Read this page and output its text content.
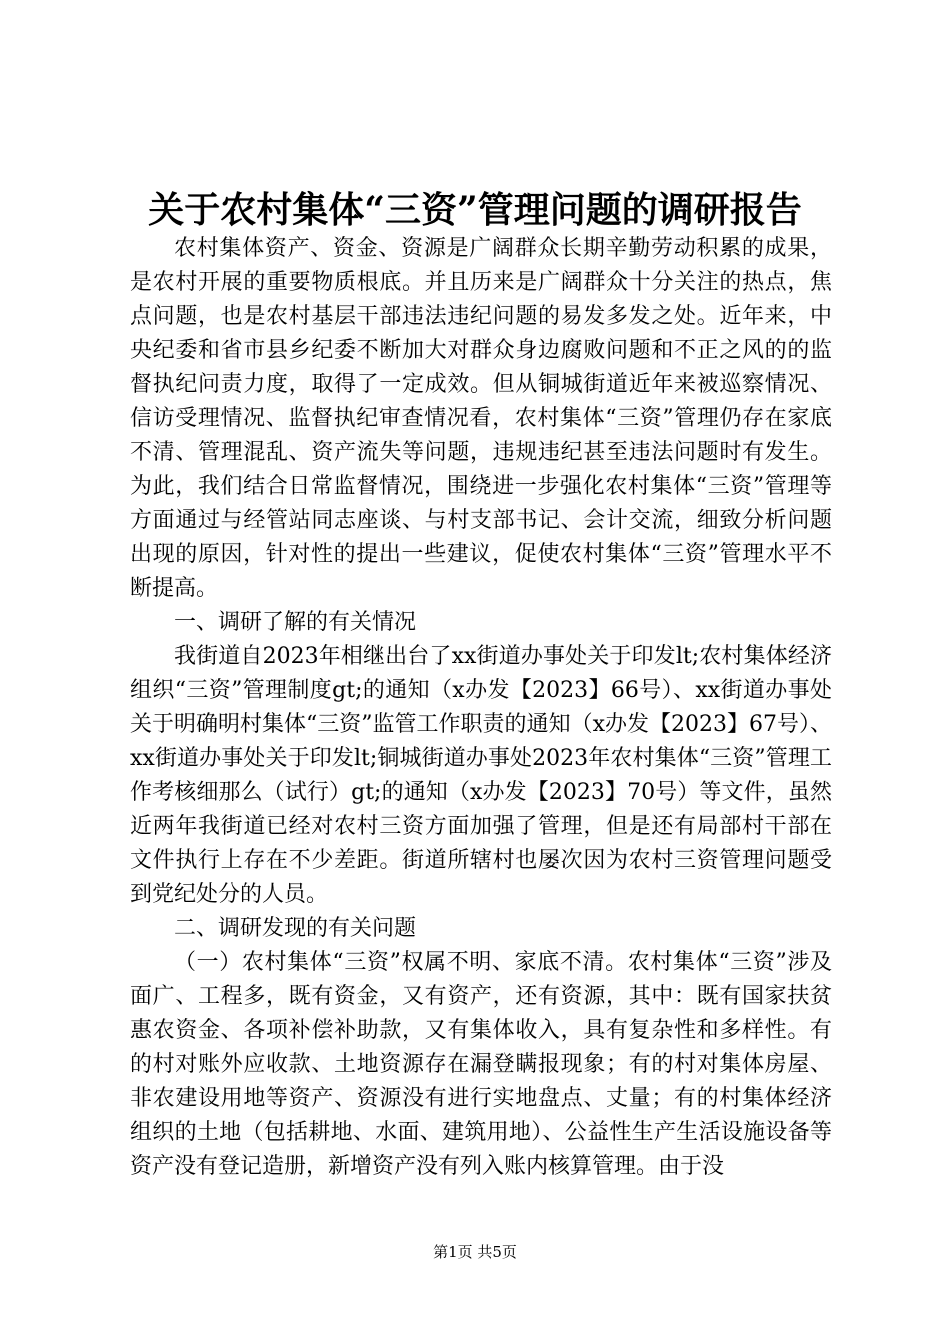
关于农村集体“三资”管理问题的调研报告

农村集体资产、资金、资源是广阔群众长期辛勤劳动积累的成果，是农村开展的重要物质根底。并且历来是广阔群众十分关注的热点，焦点问题，也是农村基层干部违法违纪问题的易发多发之处。近年来，中央纪委和省市县乡纪委不断加大对群众身边腐败问题和不正之风的的监督执纪问责力度，取得了一定成效。但从铜城街道近年来被巡察情况、信访受理情况、监督执纪审查情况看，农村集体“三资”管理仍存在家底不清、管理混乱、资产流失等问题，违规违纪甚至违法问题时有发生。为此，我们结合日常监督情况，围绕进一步强化农村集体“三资”管理等方面通过与经管站同志座谈、与村支部书记、会计交流，细致分析问题出现的原因，针对性的提出一些建议，促使农村集体“三资”管理水平不断提高。

一、调研了解的有关情况

我街道自2023年相继出台了xx街道办事处关于印发lt;农村集体经济组织“三资”管理制度gt;的通知（x办发【2023】66号）、xx街道办事处关于明确明村集体“三资”监管工作职责的通知（x办发【2023】67号）、xx街道办事处关于印发lt;铜城街道办事处2023年农村集体“三资”管理工作考核细那么（试行）gt;的通知（x办发【2023】70号）等文件，虽然近两年我街道已经对农村三资方面加强了管理，但是还有局部村干部在文件执行上存在不少差距。街道所辖村也屡次因为农村三资管理问题受到党纪处分的人员。

二、调研发现的有关问题

（一）农村集体“三资”权属不明、家底不清。农村集体“三资”涉及面广、工程多，既有资金，又有资产，还有资源，其中：既有国家扶贫惠农资金、各项补偿补助款，又有集体收入，具有复杂性和多样性。有的村对账外应收款、土地资源存在漏登瞒报现象；有的村对集体房屋、非农建设用地等资产、资源没有进行实地盘点、丈量；有的村集体经济组织的土地（包括耕地、水面、建筑用地）、公益性生产生活设施设备等资产没有登记造册，新增资产没有列入账内核算管理。由于没

第1页 共5页
